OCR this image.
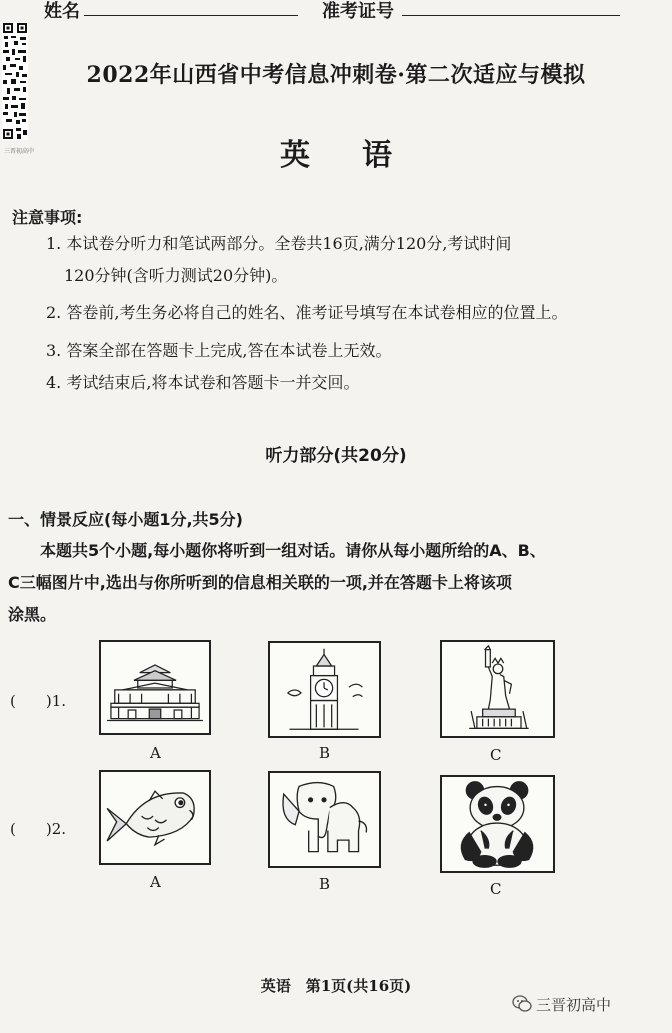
姓名	准考证号
三晋初高中
2022年山西省中考信息冲刺卷·第二次适应与模拟
英语
注意事项:
1. 本试卷分听力和笔试两部分。全卷共16页,满分120分,考试时间
120分钟(含听力测试20分钟)。
2. 答卷前,考生务必将自己的姓名、准考证号填写在本试卷相应的位置上。
3. 答案全部在答题卡上完成,答在本试卷上无效。
4. 考试结束后,将本试卷和答题卡一并交回。
听力部分(共20分)
一、情景反应(每小题1分,共5分)
　　本题共5个小题,每小题你将听到一组对话。请你从每小题所给的A、B、
C三幅图片中,选出与你所听到的信息相关联的一项,并在答题卡上将该项
涂黑。
(　　)1.
A	B	C
(　　)2.
A	B	C
英语　第1页(共16页)
三晋初高中
